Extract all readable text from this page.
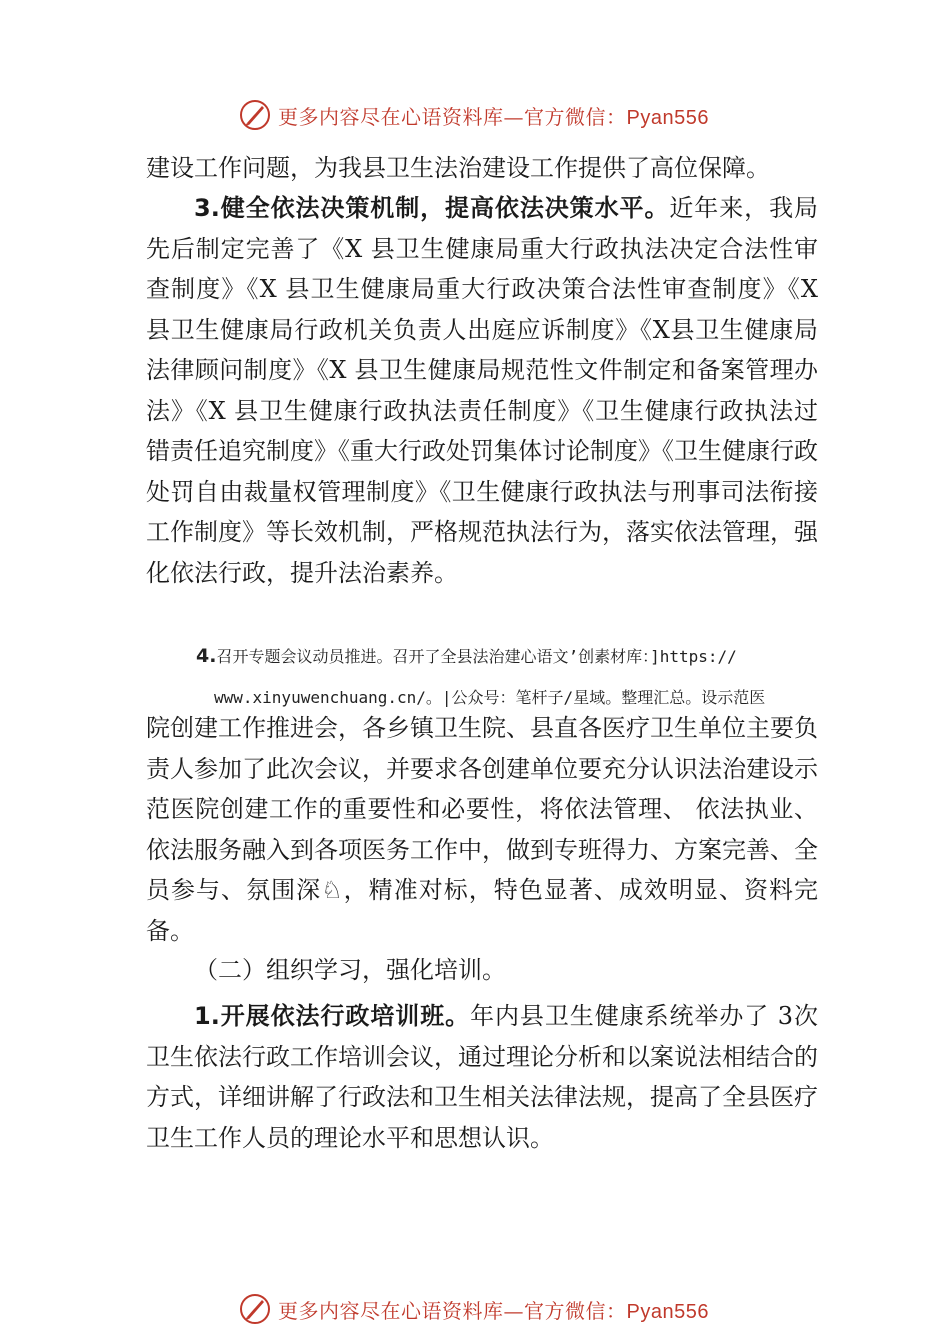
更多内容尽在心语资料库—官方微信：Pyan556

建设工作问题，为我县卫生法治建设工作提供了高位保障。

3.健全依法决策机制，提高依法决策水平。近年来，我局先后制定完善了《X 县卫生健康局重大行政执法决定合法性审查制度》《X 县卫生健康局重大行政决策合法性审查制度》《X 县卫生健康局行政机关负责人出庭应诉制度》《X县卫生健康局法律顾问制度》《X 县卫生健康局规范性文件制定和备案管理办法》《X 县卫生健康行政执法责任制度》《卫生健康行政执法过错责任追究制度》《重大行政处罚集体讨论制度》《卫生健康行政处罚自由裁量权管理制度》《卫生健康行政执法与刑事司法衔接工作制度》等长效机制，严格规范执法行为，落实依法管理，强化依法行政，提升法治素养。

4.召开专题会议动员推进。召开了全县法治建心语文’创素材库：]https://
www.xinyuwenchuang.cn/。|公众号：笔杆子/星域。整理汇总。设示范医

院创建工作推进会，各乡镇卫生院、县直各医疗卫生单位主要负责人参加了此次会议，并要求各创建单位要充分认识法治建设示范医院创建工作的重要性和必要性，将依法管理、 依法执业、依法服务融入到各项医务工作中，做到专班得力、方案完善、全员参与、氛围深♘，精准对标，特色显著、成效明显、资料完备。

（二）组织学习，强化培训。

1.开展依法行政培训班。年内县卫生健康系统举办了 3次卫生依法行政工作培训会议，通过理论分析和以案说法相结合的方式，详细讲解了行政法和卫生相关法律法规，提高了全县医疗卫生工作人员的理论水平和思想认识。

更多内容尽在心语资料库—官方微信：Pyan556
